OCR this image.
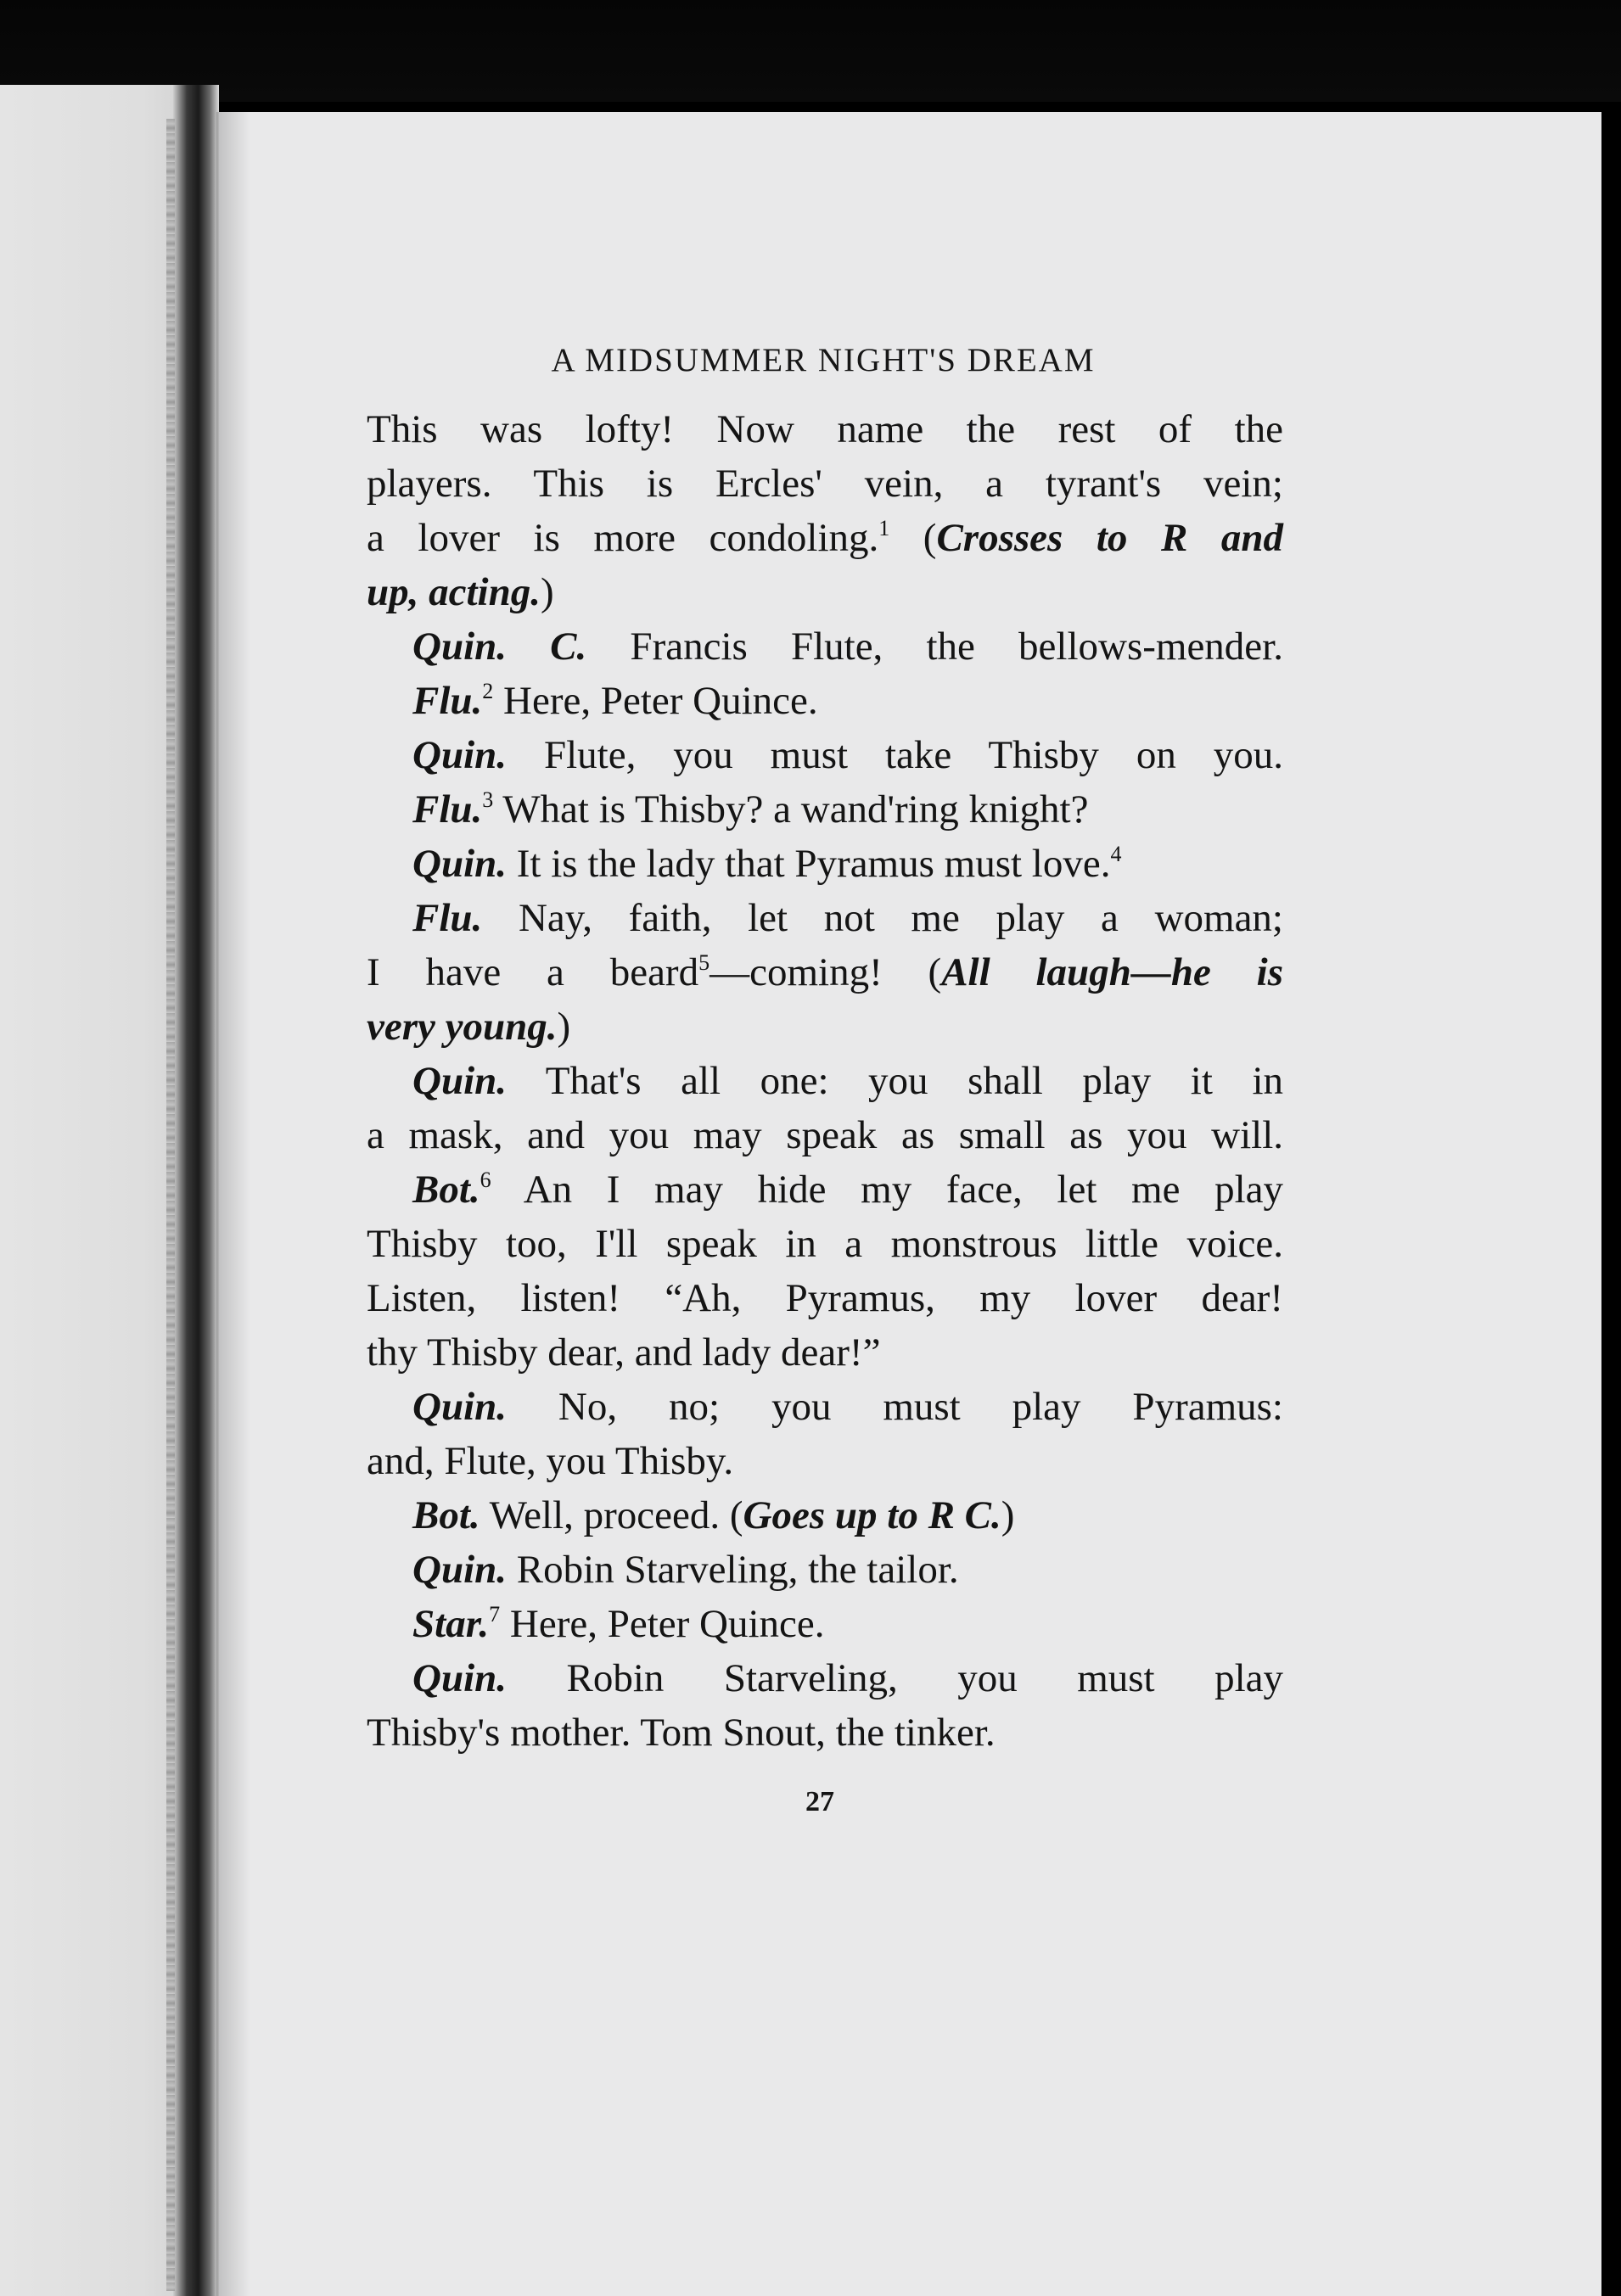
A MIDSUMMER NIGHT'S DREAM

This was lofty! Now name the rest of the

players. This is Ercles' vein, a tyrant's vein;

a lover is more condoling.$^1$ (Crosses to R and

up, acting.)

Quin. C. Francis Flute, the bellows-mender.

Flu.$^2$ Here, Peter Quince.

Quin. Flute, you must take Thisby on you.

Flu.$^3$ What is Thisby? a wand'ring knight?

Quin. It is the lady that Pyramus must love.$^4$

Flu. Nay, faith, let not me play a woman;

I have a beard$^5$—coming! (All laugh—he is

very young.)

Quin. That's all one: you shall play it in

a mask, and you may speak as small as you will.

Bot.$^6$ An I may hide my face, let me play

Thisby too, I'll speak in a monstrous little voice.

Listen, listen! “Ah, Pyramus, my lover dear!

thy Thisby dear, and lady dear!”

Quin. No, no; you must play Pyramus:

and, Flute, you Thisby.

Bot. Well, proceed. (Goes up to R C.)

Quin. Robin Starveling, the tailor.

Star.$^7$ Here, Peter Quince.

Quin. Robin Starveling, you must play

Thisby's mother. Tom Snout, the tinker.

27
